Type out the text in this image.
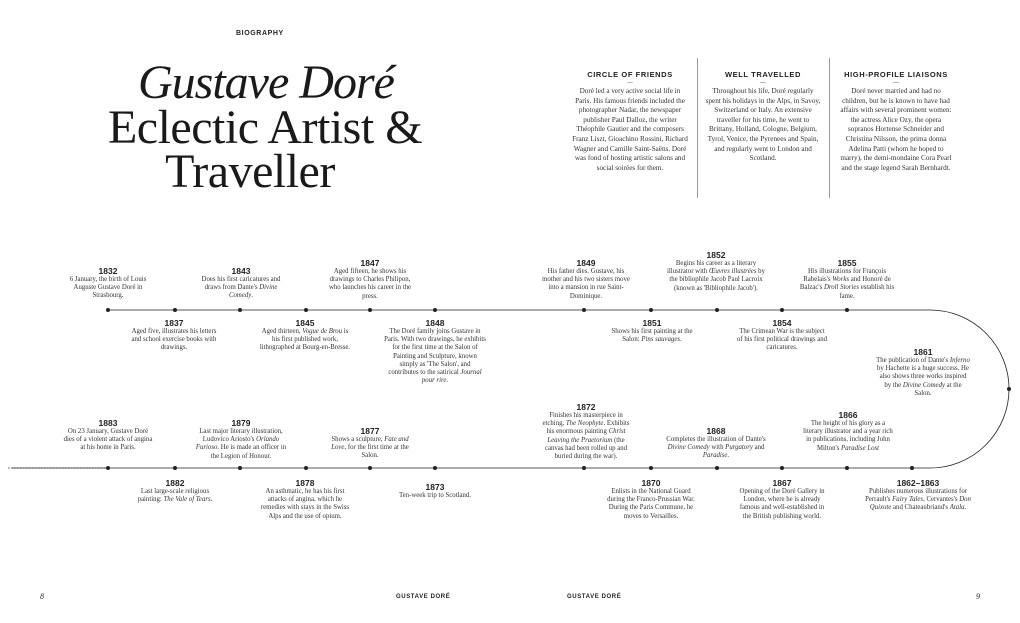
BIOGRAPHY
Gustave Doré
Eclectic Artist &
Traveller
CIRCLE OF FRIENDS
—
Doré led a very active social life in Paris. His famous friends included the photographer Nadar, the newspaper publisher Paul Dalloz, the writer Théophile Gautier and the composers Franz Liszt, Gioachino Rossini, Richard Wagner and Camille Saint-Saëns. Doré was fond of hosting artistic salons and social soirées for them.
WELL TRAVELLED
—
Throughout his life, Doré regularly spent his holidays in the Alps, in Savoy, Switzerland or Italy. An extensive traveller for his time, he went to Brittany, Holland, Cologne, Belgium, Tyrol, Venice, the Pyrenees and Spain, and regularly went to London and Scotland.
HIGH-PROFILE LIAISONS
—
Doré never married and had no children, but he is known to have had affairs with several prominent women: the actress Alice Ozy, the opera sopranos Hortense Schneider and Christina Nilsson, the prima donna Adelina Patti (whom he hoped to marry), the demi-mondaine Cora Pearl and the stage legend Sarah Bernhardt.
1832
6 January, the birth of Louis Auguste Gustave Doré in Strasbourg.
1843
Does his first caricatures and draws from Dante's Divine Comedy.
1847
Aged fifteen, he shows his drawings to Charles Philipon, who launches his career in the press.
1849
His father dies. Gustave, his mother and his two sisters move into a mansion in rue Saint-Dominique.
1852
Begins his career as a literary illustrator with Œuvres illustrées by the bibliophile Jacob Paul Lacroix (known as 'Bibliophile Jacob').
1855
His illustrations for François Rabelais's Works and Honoré de Balzac's Droll Stories establish his fame.
1837
Aged five, illustrates his letters and school exercise books with drawings.
1845
Aged thirteen, Vogue de Brou is his first published work, lithographed at Bourg-en-Bresse.
1848
The Doré family joins Gustave in Paris. With two drawings, he exhibits for the first time at the Salon of Painting and Sculpture, known simply as 'The Salon', and contributes to the satirical Journal pour rire.
1851
Shows his first painting at the Salon: Pins sauvages.
1854
The Crimean War is the subject of his first political drawings and caricatures.	1861
The publication of Dante's Inferno by Hachette is a huge success. He also shows three works inspired by the Divine Comedy at the Salon.
1883
On 23 January, Gustave Doré dies of a violent attack of angina at his home in Paris.
1879
Last major literary illustration, Ludovico Ariosto's Orlando Furioso. He is made an officer in the Legion of Honour.
1877
Shows a sculpture, Fate and Love, for the first time at the Salon.
1872
Finishes his masterpiece in etching, The Neophyte. Exhibits his enormous painting Christ Leaving the Praetorium (the canvas had been rolled up and buried during the war).
1868
Completes the illustration of Dante's Divine Comedy with Purgatory and Paradise.
1866
The height of his glory as a literary illustrator and a year rich in publications, including John Milton's Paradise Lost
1882
Last large-scale religious painting: The Vale of Tears.
1878
An asthmatic, he has his first attacks of angina, which he remedies with stays in the Swiss Alps and the use of opium.
1873
Ten-week trip to Scotland.
1870
Enlists in the National Guard during the Franco-Prussian War. During the Paris Commune, he moves to Versailles.
1867
Opening of the Doré Gallery in London, where he is already famous and well-established in the British publishing world.
1862–1863
Publishes numerous illustrations for Perrault's Fairy Tales, Cervantes's Don Quixote and Chateaubriand's Atala.
8	GUSTAVE DORÉ	GUSTAVE DORÉ	9
